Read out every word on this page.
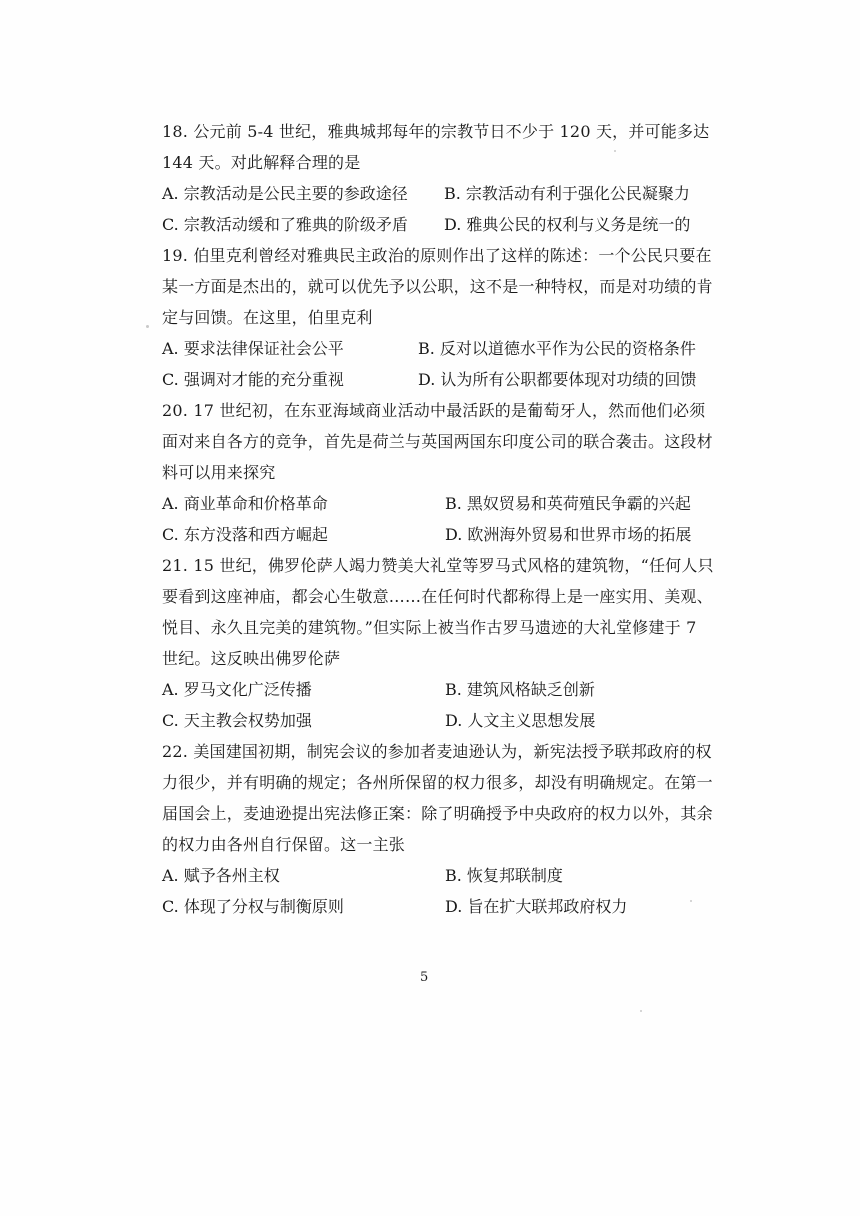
18. 公元前 5-4 世纪，雅典城邦每年的宗教节日不少于 120 天，并可能多达
144 天。对此解释合理的是
A. 宗教活动是公民主要的参政途径	B. 宗教活动有利于强化公民凝聚力
C. 宗教活动缓和了雅典的阶级矛盾	D. 雅典公民的权利与义务是统一的
19. 伯里克利曾经对雅典民主政治的原则作出了这样的陈述：一个公民只要在
某一方面是杰出的，就可以优先予以公职，这不是一种特权，而是对功绩的肯
定与回馈。在这里，伯里克利
A. 要求法律保证社会公平	B. 反对以道德水平作为公民的资格条件
C. 强调对才能的充分重视	D. 认为所有公职都要体现对功绩的回馈
20. 17 世纪初，在东亚海域商业活动中最活跃的是葡萄牙人，然而他们必须
面对来自各方的竞争，首先是荷兰与英国两国东印度公司的联合袭击。这段材
料可以用来探究
A. 商业革命和价格革命	B. 黑奴贸易和英荷殖民争霸的兴起
C. 东方没落和西方崛起	D. 欧洲海外贸易和世界市场的拓展
21. 15 世纪，佛罗伦萨人竭力赞美大礼堂等罗马式风格的建筑物，“任何人只
要看到这座神庙，都会心生敬意……在任何时代都称得上是一座实用、美观、
悦目、永久且完美的建筑物。”但实际上被当作古罗马遗迹的大礼堂修建于 7
世纪。这反映出佛罗伦萨
A. 罗马文化广泛传播	B. 建筑风格缺乏创新
C. 天主教会权势加强	D. 人文主义思想发展
22. 美国建国初期，制宪会议的参加者麦迪逊认为，新宪法授予联邦政府的权
力很少，并有明确的规定；各州所保留的权力很多，却没有明确规定。在第一
届国会上，麦迪逊提出宪法修正案：除了明确授予中央政府的权力以外，其余
的权力由各州自行保留。这一主张
A. 赋予各州主权	B. 恢复邦联制度
C. 体现了分权与制衡原则	D. 旨在扩大联邦政府权力
5
